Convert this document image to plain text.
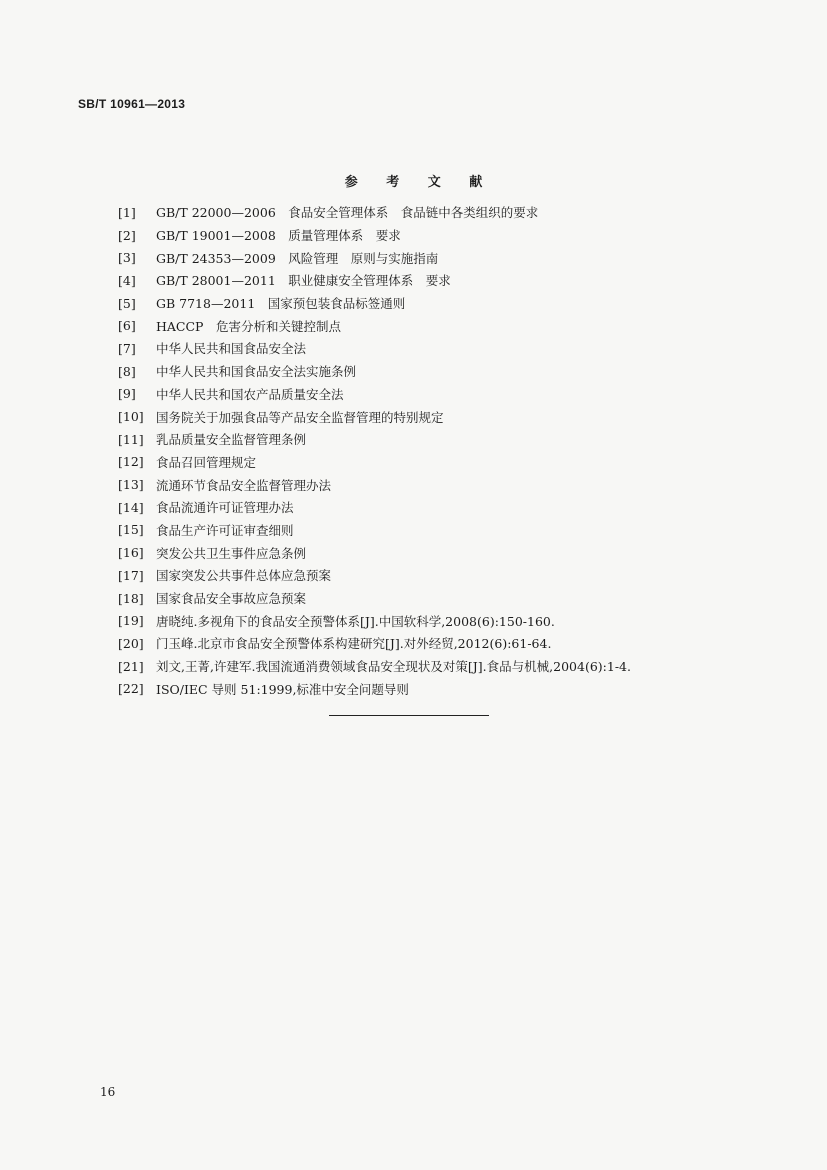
SB/T 10961—2013
参 考 文 献
[1]	GB/T 22000—2006　食品安全管理体系　食品链中各类组织的要求
[2]	GB/T 19001—2008　质量管理体系　要求
[3]	GB/T 24353—2009　风险管理　原则与实施指南
[4]	GB/T 28001—2011　职业健康安全管理体系　要求
[5]	GB 7718—2011　国家预包装食品标签通则
[6]	HACCP　危害分析和关键控制点
[7]	中华人民共和国食品安全法
[8]	中华人民共和国食品安全法实施条例
[9]	中华人民共和国农产品质量安全法
[10] 国务院关于加强食品等产品安全监督管理的特别规定
[11] 乳品质量安全监督管理条例
[12] 食品召回管理规定
[13] 流通环节食品安全监督管理办法
[14] 食品流通许可证管理办法
[15] 食品生产许可证审查细则
[16] 突发公共卫生事件应急条例
[17] 国家突发公共事件总体应急预案
[18] 国家食品安全事故应急预案
[19] 唐晓纯.多视角下的食品安全预警体系[J].中国软科学,2008(6):150-160.
[20] 门玉峰.北京市食品安全预警体系构建研究[J].对外经贸,2012(6):61-64.
[21] 刘文,王菁,许建军.我国流通消费领域食品安全现状及对策[J].食品与机械,2004(6):1-4.
[22] ISO/IEC 导则 51:1999,标准中安全问题导则
16
